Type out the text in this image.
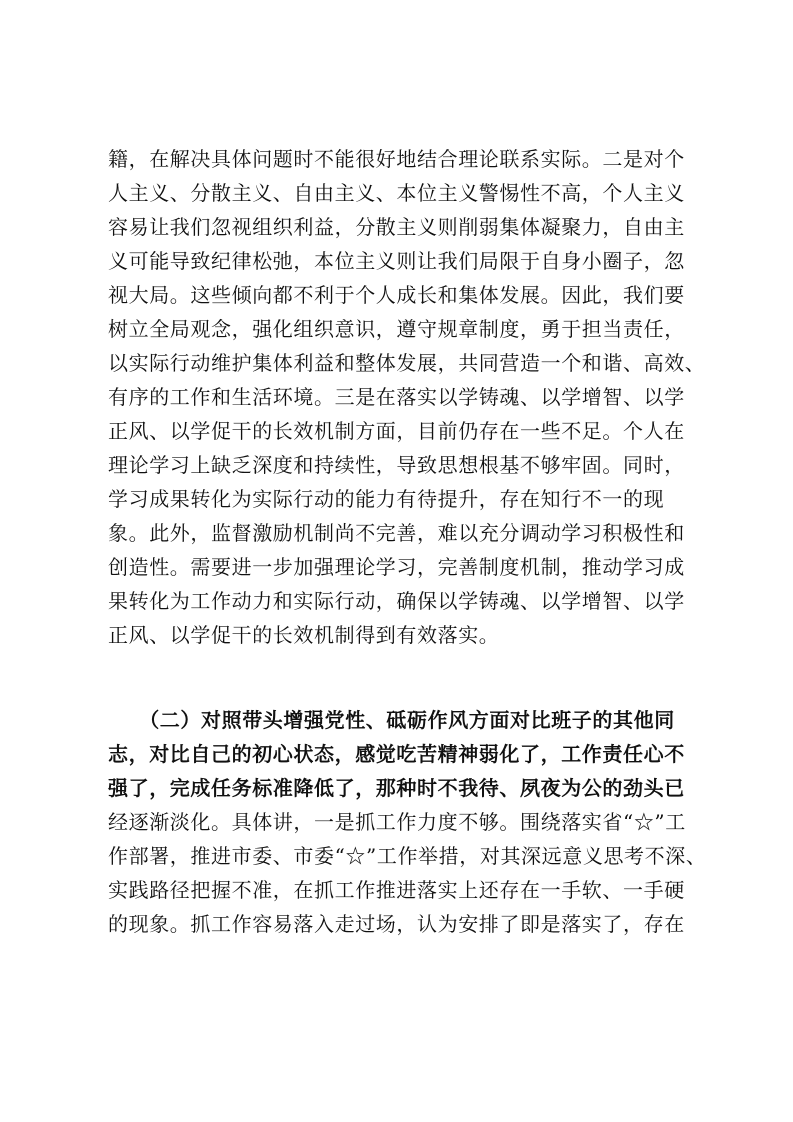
籍，在解决具体问题时不能很好地结合理论联系实际。二是对个
人主义、分散主义、自由主义、本位主义警惕性不高，个人主义
容易让我们忽视组织利益，分散主义则削弱集体凝聚力，自由主
义可能导致纪律松弛，本位主义则让我们局限于自身小圈子，忽
视大局。这些倾向都不利于个人成长和集体发展。因此，我们要
树立全局观念，强化组织意识，遵守规章制度，勇于担当责任，
以实际行动维护集体利益和整体发展，共同营造一个和谐、高效、
有序的工作和生活环境。三是在落实以学铸魂、以学增智、以学
正风、以学促干的长效机制方面，目前仍存在一些不足。个人在
理论学习上缺乏深度和持续性，导致思想根基不够牢固。同时，
学习成果转化为实际行动的能力有待提升，存在知行不一的现
象。此外，监督激励机制尚不完善，难以充分调动学习积极性和
创造性。需要进一步加强理论学习，完善制度机制，推动学习成
果转化为工作动力和实际行动，确保以学铸魂、以学增智、以学
正风、以学促干的长效机制得到有效落实。
　　（二）对照带头增强党性、砥砺作风方面对比班子的其他同
志，对比自己的初心状态，感觉吃苦精神弱化了，工作责任心不
强了，完成任务标准降低了，那种时不我待、夙夜为公的劲头已
经逐渐淡化。具体讲，一是抓工作力度不够。围绕落实省“☆”工
作部署，推进市委、市委“☆”工作举措，对其深远意义思考不深、
实践路径把握不准，在抓工作推进落实上还存在一手软、一手硬
的现象。抓工作容易落入走过场，认为安排了即是落实了，存在
